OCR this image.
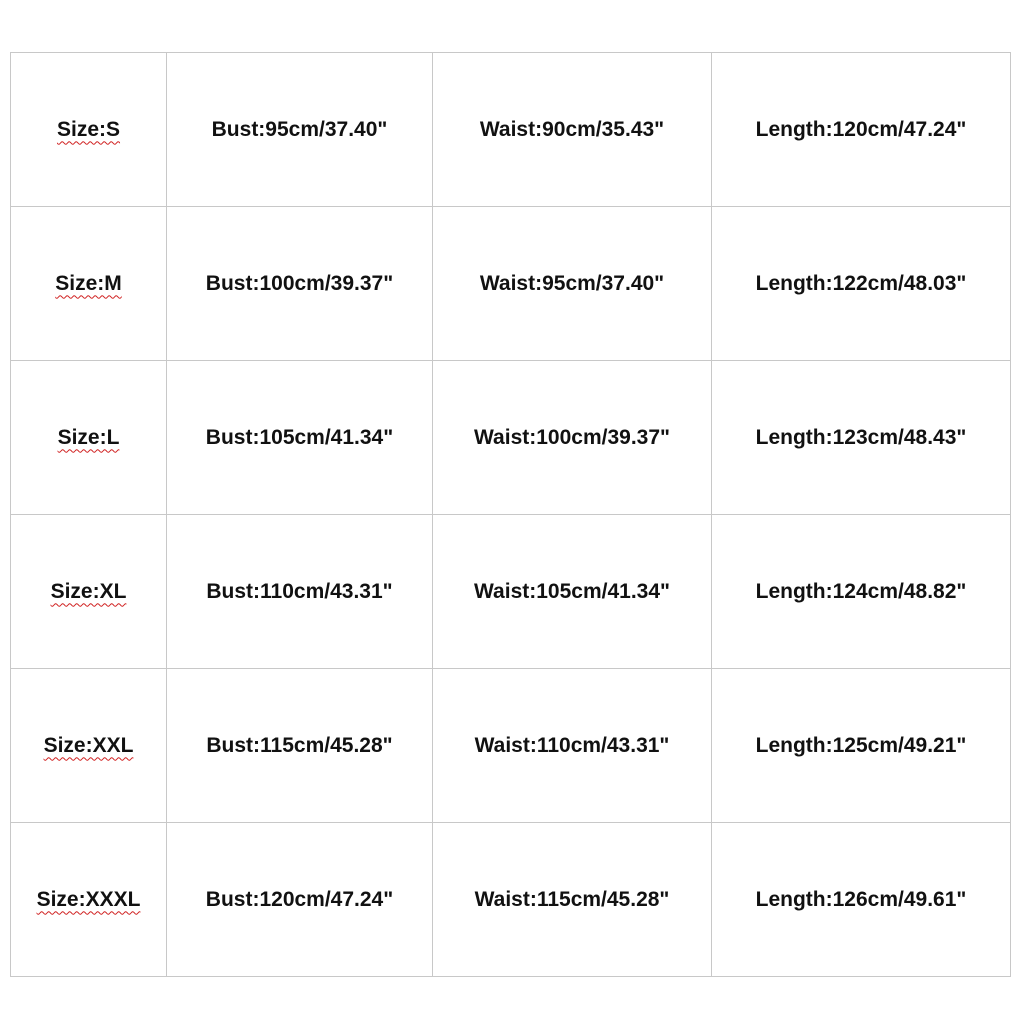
Size:S	Bust:95cm/37.40"	Waist:90cm/35.43"	Length:120cm/47.24"
Size:M	Bust:100cm/39.37"	Waist:95cm/37.40"	Length:122cm/48.03"
Size:L	Bust:105cm/41.34"	Waist:100cm/39.37"	Length:123cm/48.43"
Size:XL	Bust:110cm/43.31"	Waist:105cm/41.34"	Length:124cm/48.82"
Size:XXL	Bust:115cm/45.28"	Waist:110cm/43.31"	Length:125cm/49.21"
Size:XXXL	Bust:120cm/47.24"	Waist:115cm/45.28"	Length:126cm/49.61"
